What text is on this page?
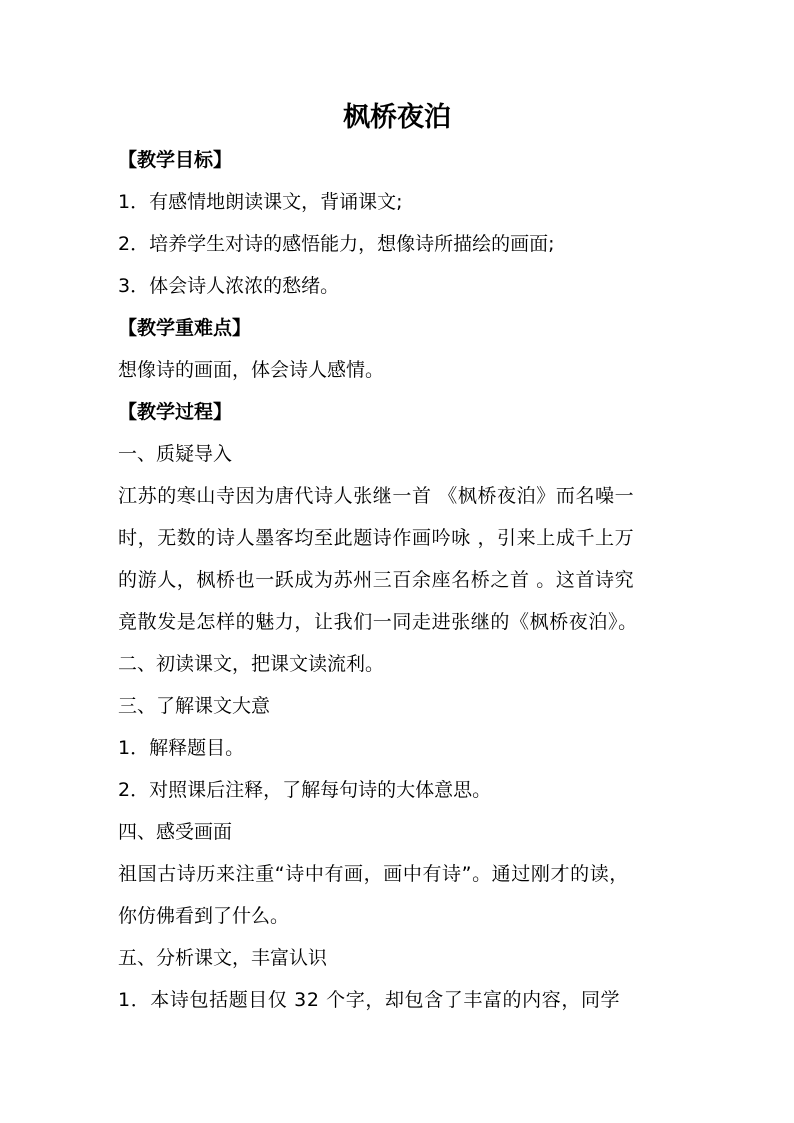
枫桥夜泊
【教学目标】
1．有感情地朗读课文，背诵课文;
2．培养学生对诗的感悟能力，想像诗所描绘的画面;
3．体会诗人浓浓的愁绪。
【教学重难点】
想像诗的画面，体会诗人感情。
【教学过程】
一、质疑导入
江苏的寒山寺因为唐代诗人张继一首 《枫桥夜泊》而名噪一
时，无数的诗人墨客均至此题诗作画吟咏 ，引来上成千上万
的游人，枫桥也一跃成为苏州三百余座名桥之首 。这首诗究
竟散发是怎样的魅力，让我们一同走进张继的《枫桥夜泊》。
二、初读课文，把课文读流利。
三、了解课文大意
1．解释题目。
2．对照课后注释，了解每句诗的大体意思。
四、感受画面
祖国古诗历来注重“诗中有画，画中有诗”。通过刚才的读，
你仿佛看到了什么。
五、分析课文，丰富认识
1．本诗包括题目仅 32 个字，却包含了丰富的内容，同学
